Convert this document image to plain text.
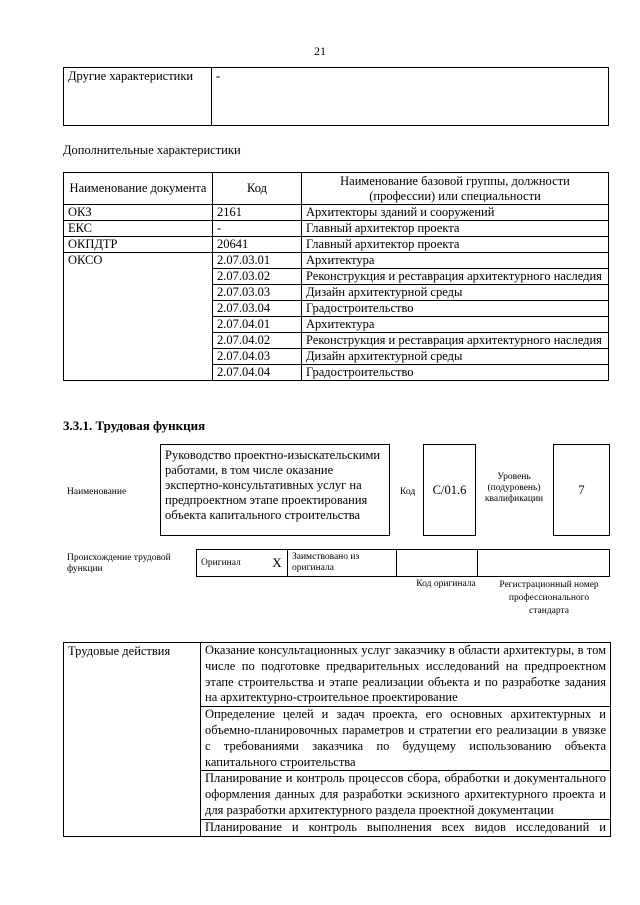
21
Другие характеристики	-
Дополнительные характеристики
Наименование документа	Код	Наименование базовой группы, должности (профессии) или специальности
ОКЗ	2161	Архитекторы зданий и сооружений
ЕКС	-	Главный архитектор проекта
ОКПДТР	20641	Главный архитектор проекта
ОКСО	2.07.03.01	Архитектура
	2.07.03.02	Реконструкция и реставрация архитектурного наследия
	2.07.03.03	Дизайн архитектурной среды
	2.07.03.04	Градостроительство
	2.07.04.01	Архитектура
	2.07.04.02	Реконструкция и реставрация архитектурного наследия
	2.07.04.03	Дизайн архитектурной среды
	2.07.04.04	Градостроительство
3.3.1. Трудовая функция
Наименование
Руководство проектно-изыскательскими работами, в том числе оказание экспертно-консультативных услуг на предпроектном этапе проектирования объекта капитального строительства
Код C/01.6
Уровень (подуровень) квалификации
7
Происхождение трудовой функции
Оригинал	X	Заимствовано из оригинала		
Код оригинала	Регистрационный номер профессионального стандарта
Трудовые действия	Оказание консультационных услуг заказчику в области архитектуры, в том числе по подготовке предварительных исследований на предпроектном этапе строительства и этапе реализации объекта и по разработке задания на архитектурно-строительное проектирование
Определение целей и задач проекта, его основных архитектурных и объемно-планировочных параметров и стратегии его реализации в увязке с требованиями заказчика по будущему использованию объекта капитального строительства
Планирование и контроль процессов сбора, обработки и документального оформления данных для разработки эскизного архитектурного проекта и для разработки архитектурного раздела проектной документации
Планирование и контроль выполнения всех видов исследований и
